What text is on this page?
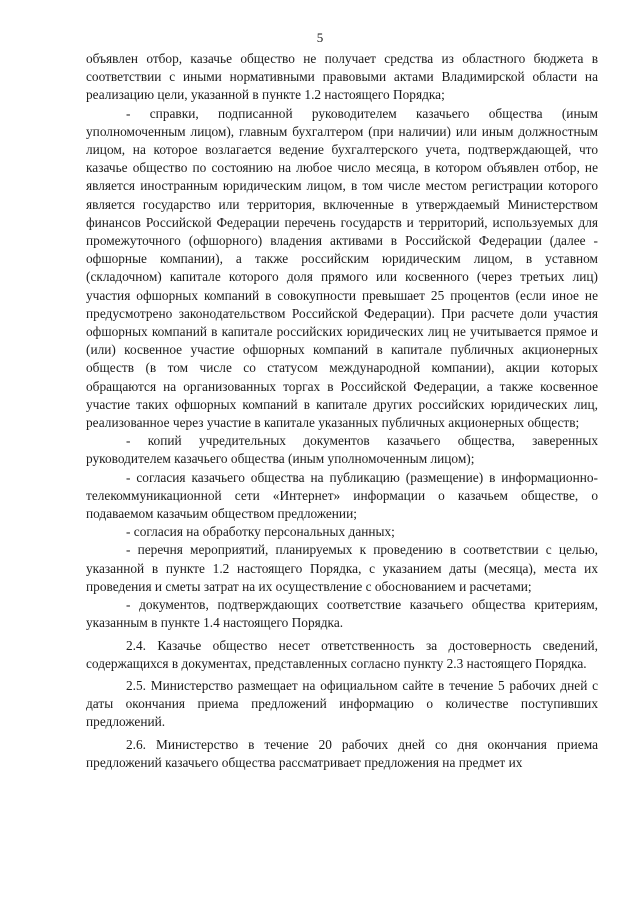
5

объявлен отбор, казачье общество не получает средства из областного бюджета в соответствии с иными нормативными правовыми актами Владимирской области на реализацию цели, указанной в пункте 1.2 настоящего Порядка;

- справки, подписанной руководителем казачьего общества (иным уполномоченным лицом), главным бухгалтером (при наличии) или иным должностным лицом, на которое возлагается ведение бухгалтерского учета, подтверждающей, что казачье общество по состоянию на любое число месяца, в котором объявлен отбор, не является иностранным юридическим лицом, в том числе местом регистрации которого является государство или территория, включенные в утверждаемый Министерством финансов Российской Федерации перечень государств и территорий, используемых для промежуточного (офшорного) владения активами в Российской Федерации (далее - офшорные компании), а также российским юридическим лицом, в уставном (складочном) капитале которого доля прямого или косвенного (через третьих лиц) участия офшорных компаний в совокупности превышает 25 процентов (если иное не предусмотрено законодательством Российской Федерации). При расчете доли участия офшорных компаний в капитале российских юридических лиц не учитывается прямое и (или) косвенное участие офшорных компаний в капитале публичных акционерных обществ (в том числе со статусом международной компании), акции которых обращаются на организованных торгах в Российской Федерации, а также косвенное участие таких офшорных компаний в капитале других российских юридических лиц, реализованное через участие в капитале указанных публичных акционерных обществ;

- копий учредительных документов казачьего общества, заверенных руководителем казачьего общества (иным уполномоченным лицом);

- согласия казачьего общества на публикацию (размещение) в информационно-телекоммуникационной сети «Интернет» информации о казачьем обществе, о подаваемом казачьим обществом предложении;

- согласия на обработку персональных данных;

- перечня мероприятий, планируемых к проведению в соответствии с целью, указанной в пункте 1.2 настоящего Порядка, с указанием даты (месяца), места их проведения и сметы затрат на их осуществление с обоснованием и расчетами;

- документов, подтверждающих соответствие казачьего общества критериям, указанным в пункте 1.4 настоящего Порядка.

2.4. Казачье общество несет ответственность за достоверность сведений, содержащихся в документах, представленных согласно пункту 2.3 настоящего Порядка.

2.5. Министерство размещает на официальном сайте в течение 5 рабочих дней с даты окончания приема предложений информацию о количестве поступивших предложений.

2.6. Министерство в течение 20 рабочих дней со дня окончания приема предложений казачьего общества рассматривает предложения на предмет их
